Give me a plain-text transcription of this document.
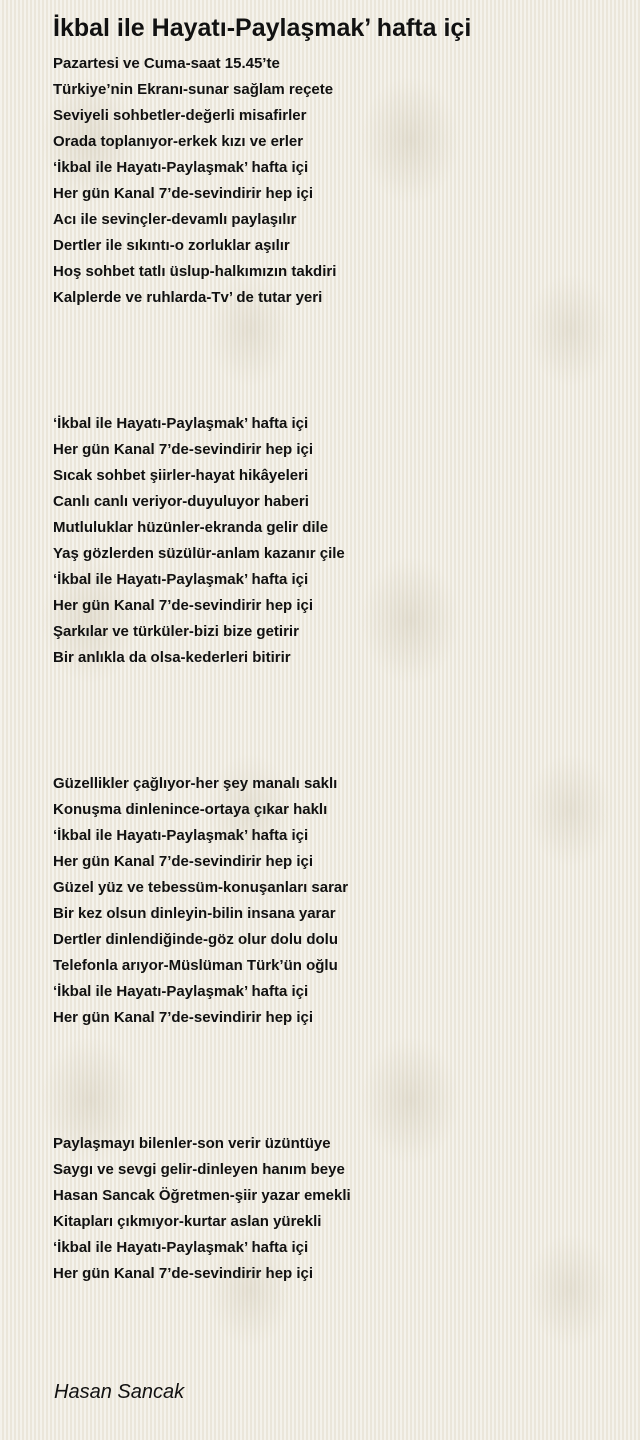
İkbal ile Hayatı-Paylaşmak’ hafta içi
Pazartesi ve Cuma-saat 15.45’te
Türkiye’nin Ekranı-sunar sağlam reçete
Seviyeli sohbetler-değerli misafirler
Orada toplanıyor-erkek kızı ve erler
‘İkbal ile Hayatı-Paylaşmak’ hafta içi
Her gün Kanal 7’de-sevindirir hep içi
Acı ile sevinçler-devamlı paylaşılır
Dertler ile sıkıntı-o zorluklar aşılır
Hoş sohbet tatlı üslup-halkımızın takdiri
Kalplerde ve ruhlarda-Tv’ de tutar yeri
‘İkbal ile Hayatı-Paylaşmak’ hafta içi
Her gün Kanal 7’de-sevindirir hep içi
Sıcak sohbet şiirler-hayat hikâyeleri
Canlı canlı veriyor-duyuluyor haberi
Mutluluklar hüzünler-ekranda gelir dile
Yaş gözlerden süzülür-anlam kazanır çile
‘İkbal ile Hayatı-Paylaşmak’ hafta içi
Her gün Kanal 7’de-sevindirir hep içi
Şarkılar ve türküler-bizi bize getirir
Bir anlıkla da olsa-kederleri bitirir
Güzellikler çağlıyor-her şey manalı saklı
Konuşma dinlenince-ortaya çıkar haklı
‘İkbal ile Hayatı-Paylaşmak’ hafta içi
Her gün Kanal 7’de-sevindirir hep içi
Güzel yüz ve tebessüm-konuşanları sarar
Bir kez olsun dinleyin-bilin insana yarar
Dertler dinlendiğinde-göz olur dolu dolu
Telefonla arıyor-Müslüman Türk’ün oğlu
‘İkbal ile Hayatı-Paylaşmak’ hafta içi
Her gün Kanal 7’de-sevindirir hep içi
Paylaşmayı bilenler-son verir üzüntüye
Saygı ve sevgi gelir-dinleyen hanım beye
Hasan Sancak Öğretmen-şiir yazar emekli
Kitapları çıkmıyor-kurtar aslan yürekli
‘İkbal ile Hayatı-Paylaşmak’ hafta içi
Her gün Kanal 7’de-sevindirir hep içi
Hasan Sancak
